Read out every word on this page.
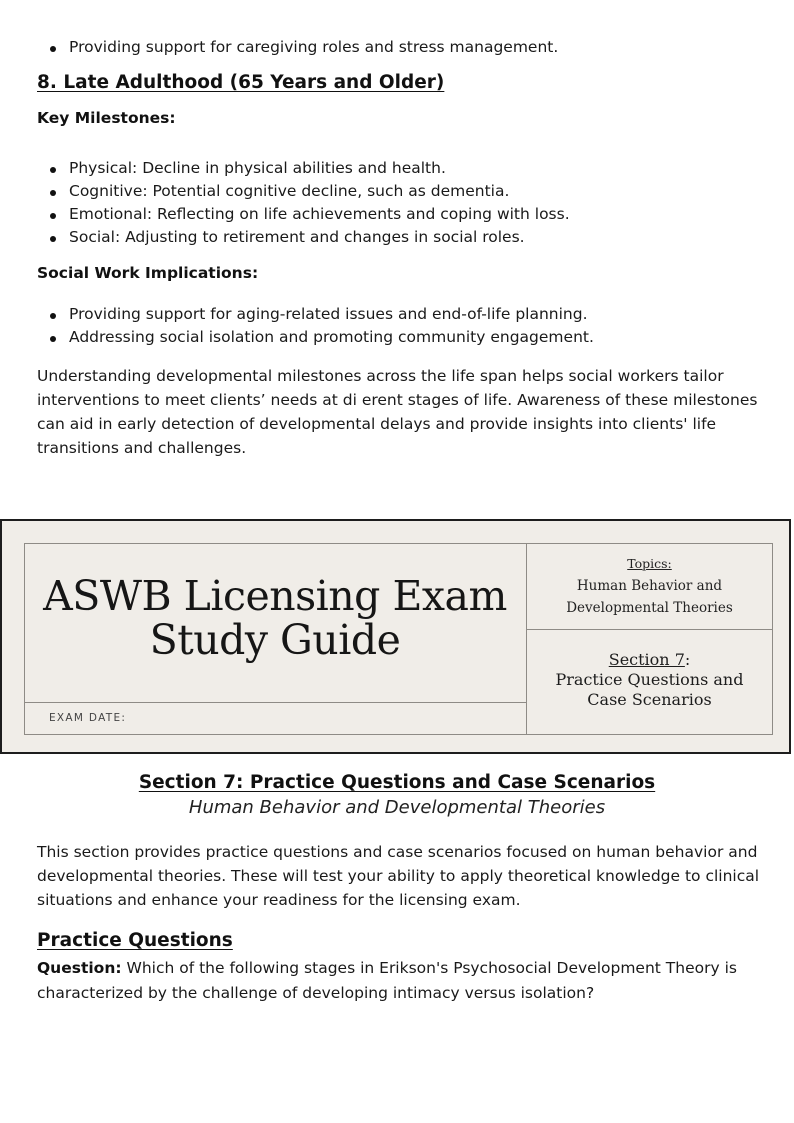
Providing support for caregiving roles and stress management.
8. Late Adulthood (65 Years and Older)
Key Milestones:
Physical: Decline in physical abilities and health.
Cognitive: Potential cognitive decline, such as dementia.
Emotional: Reflecting on life achievements and coping with loss.
Social: Adjusting to retirement and changes in social roles.
Social Work Implications:
Providing support for aging-related issues and end-of-life planning.
Addressing social isolation and promoting community engagement.

Understanding developmental milestones across the life span helps social workers tailor interventions to meet clients’ needs at di erent stages of life. Awareness of these milestones can aid in early detection of developmental delays and provide insights into clients' life transitions and challenges.

ASWB Licensing Exam
Study Guide
EXAM DATE:
Topics:
Human Behavior and Developmental Theories
Section 7:
Practice Questions and Case Scenarios
Section 7: Practice Questions and Case Scenarios
Human Behavior and Developmental Theories

This section provides practice questions and case scenarios focused on human behavior and developmental theories. These will test your ability to apply theoretical knowledge to clinical situations and enhance your readiness for the licensing exam.

Practice Questions

Question: Which of the following stages in Erikson's Psychosocial Development Theory is characterized by the challenge of developing intimacy versus isolation?
